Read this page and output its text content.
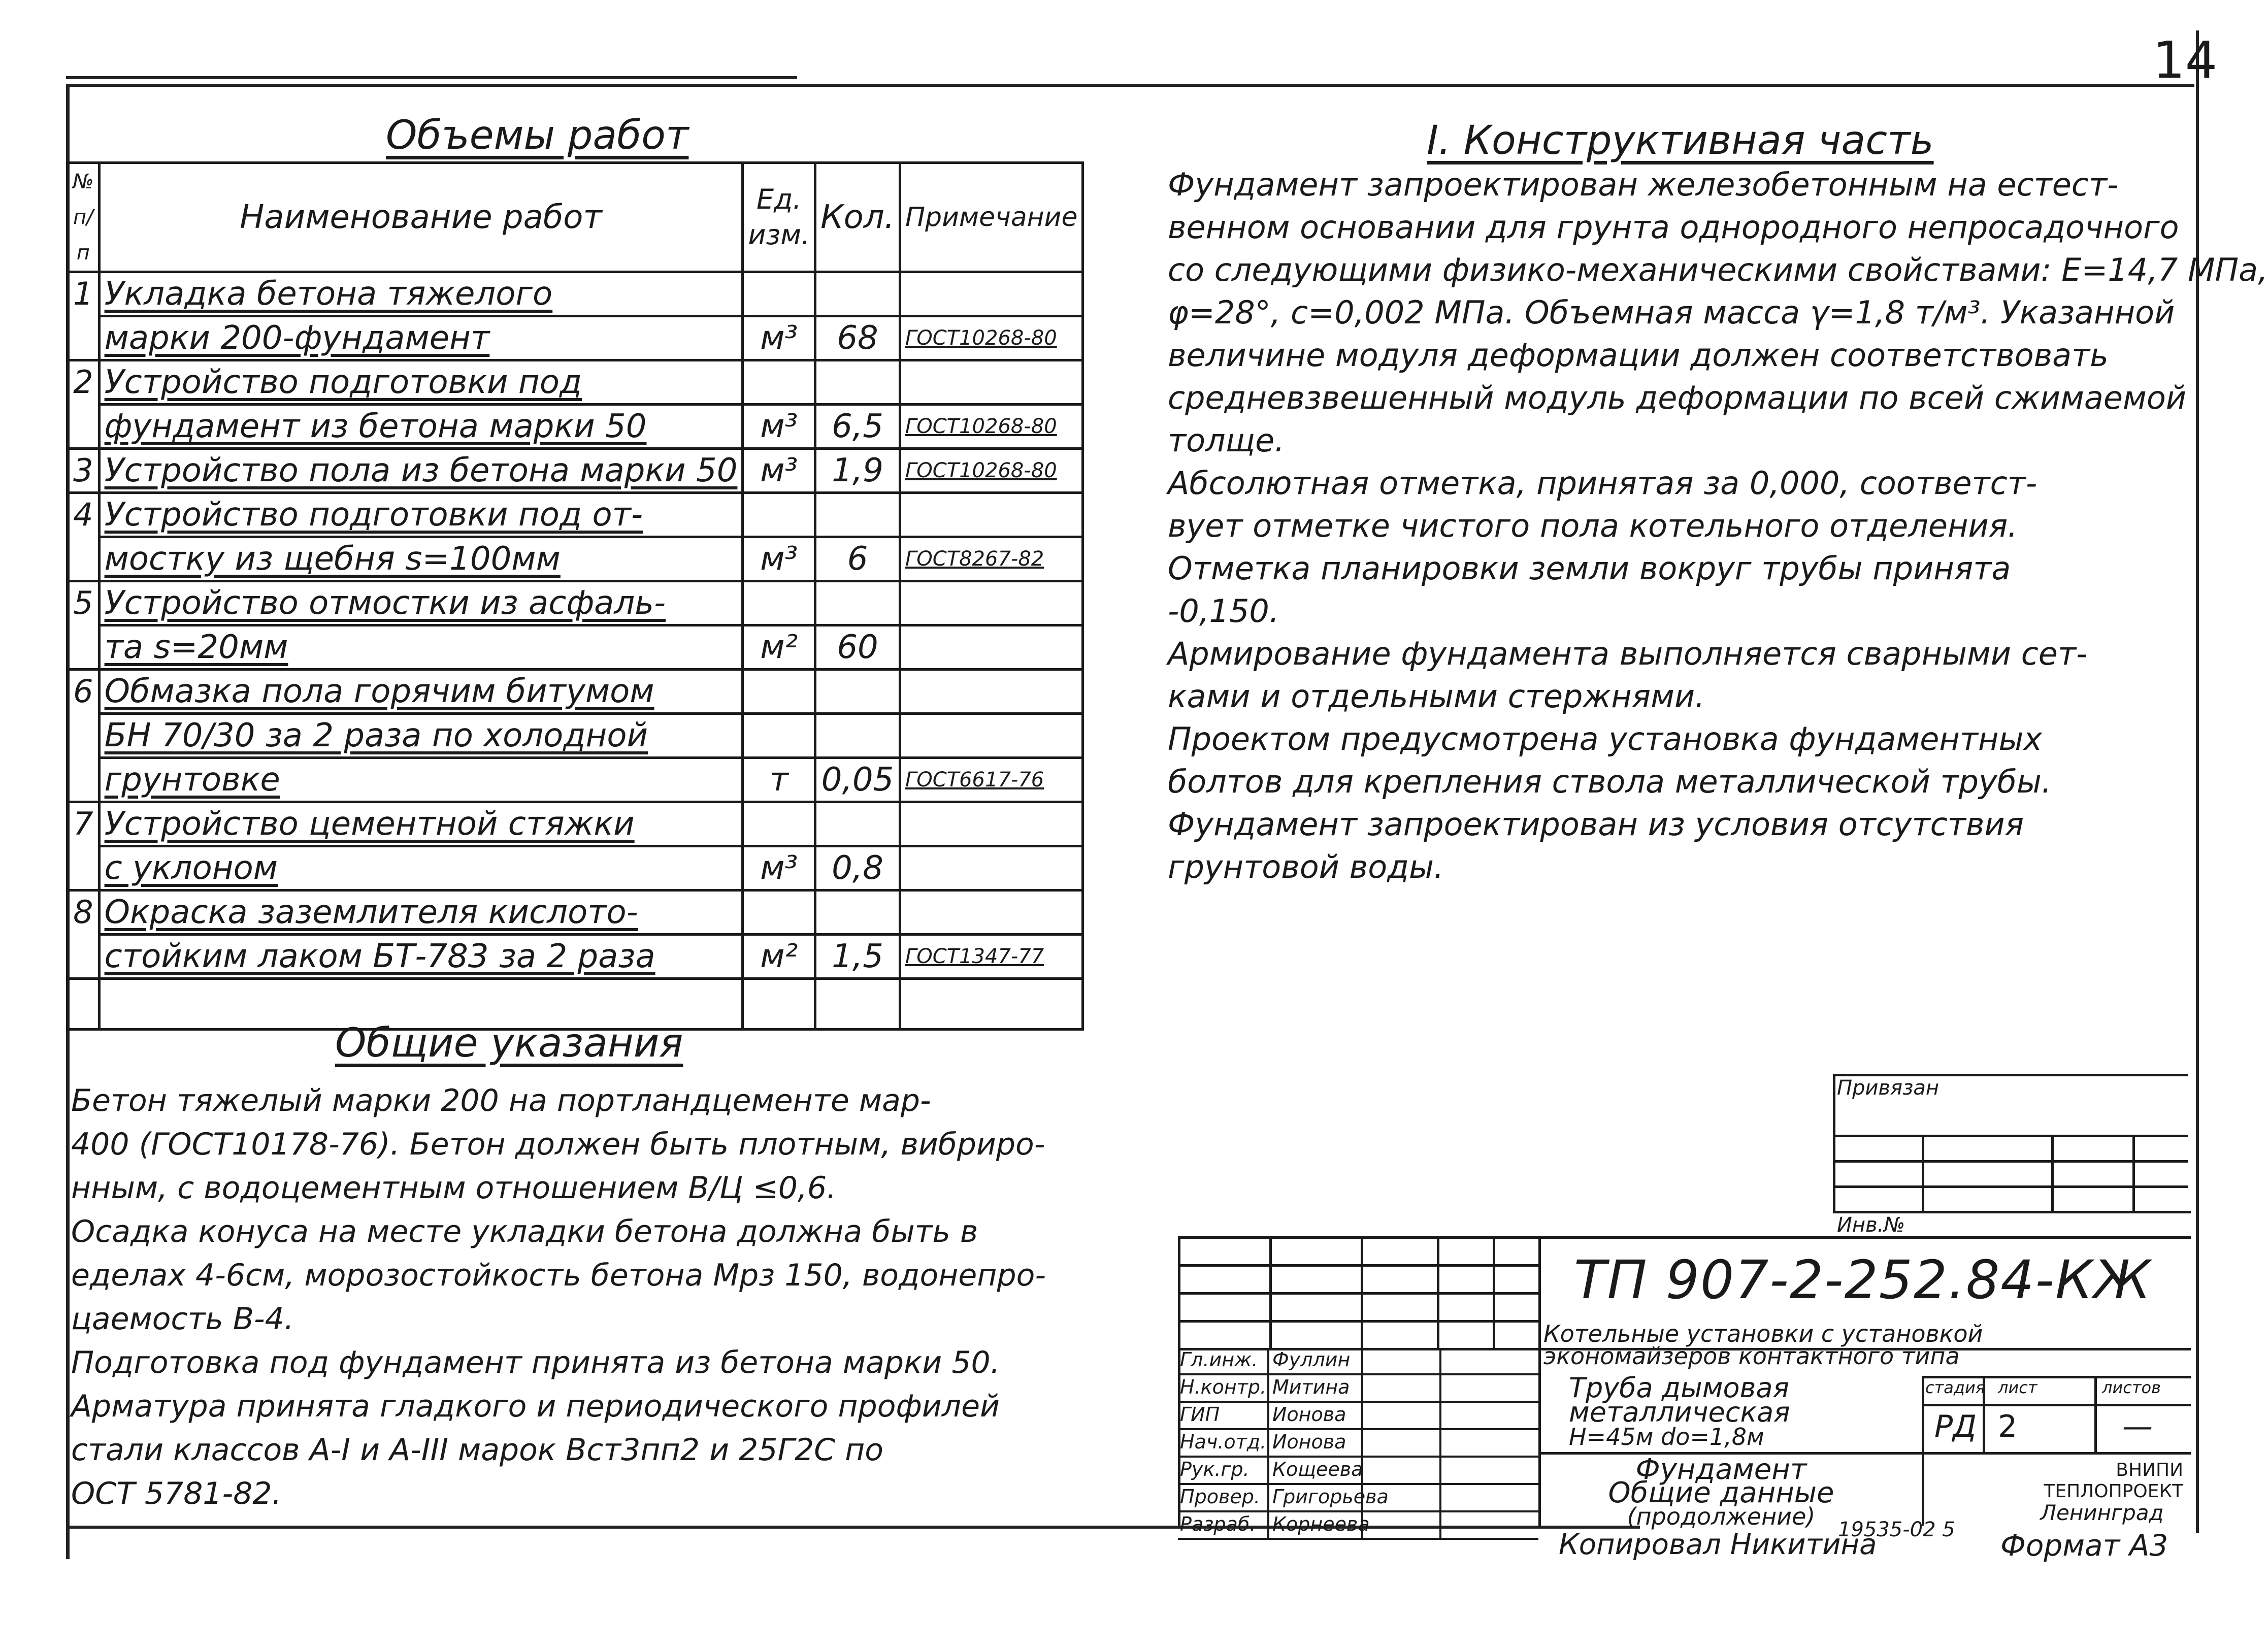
14
Объемы работ
№ п/п	Наименование работ	Ед. изм.	Кол.	Примечание
1	Укладка бетона тяжелого			
	марки 200-фундамент	м³	68	ГОСТ10268-80
2	Устройство подготовки под			
	фундамент из бетона марки 50	м³	6,5	ГОСТ10268-80
3	Устройство пола из бетона марки 50	м³	1,9	ГОСТ10268-80
4	Устройство подготовки под от-			
	мостку из щебня s=100мм	м³	6	ГОСТ8267-82
5	Устройство отмостки из асфаль-			
	та s=20мм	м²	60	
6	Обмазка пола горячим битумом			
	БН 70/30 за 2 раза по холодной			
	грунтовке	т	0,05	ГОСТ6617-76
7	Устройство цементной стяжки			
	с уклоном	м³	0,8	
8	Окраска заземлителя кислото-			
	стойким лаком БТ-783 за 2 раза	м²	1,5	ГОСТ1347-77

Общие указания
Бетон тяжелый марки 200 на портландцементе мар-
400 (ГОСТ10178-76). Бетон должен быть плотным, вибриро-
нным, с водоцементным отношением В/Ц ≤0,6.
Осадка конуса на месте укладки бетона должна быть в
еделах 4-6см, морозостойкость бетона Мрз 150, водонепро-
цаемость В-4.
Подготовка под фундамент принята из бетона марки 50.
Арматура принята гладкого и периодического профилей
стали классов А-I и А-III марок Вст3пп2 и 25Г2С по
ОСТ 5781-82.
I. Конструктивная часть
Фундамент запроектирован железобетонным на естест-
венном основании для грунта однородного непросадочного
со следующими физико-механическими свойствами: Е=14,7 МПа,
φ=28°, с=0,002 МПа. Объемная масса γ=1,8 т/м³. Указанной
величине модуля деформации должен соответствовать
средневзвешенный модуль деформации по всей сжимаемой
толще.
Абсолютная отметка, принятая за 0,000, соответст-
вует отметке чистого пола котельного отделения.
Отметка планировки земли вокруг трубы принята
-0,150.
Армирование фундамента выполняется сварными сет-
ками и отдельными стержнями.
Проектом предусмотрена установка фундаментных
болтов для крепления ствола металлической трубы.
Фундамент запроектирован из условия отсутствия
грунтовой воды.
Привязан
Инв.№
Гл.инж. Фуллин
Н.контр. Митина
ГИП	Ионова
Нач.отд. Ионова
Рук.гр.	Кощеева
Провер. Григорьева
Разраб. Корнеева
ТП 907-2-252.84-КЖ
Котельные установки с установкой
экономайзеров контактного типа
Труба дымовая
металлическая
Н=45м dо=1,8м
стадия лист	листов
РД 2	—
Фундамент
Общие данные
(продолжение)
ВНИПИ
ТЕПЛОПРОЕКТ
Ленинград
Копировал Никитина
19535-02 5 Формат А3
